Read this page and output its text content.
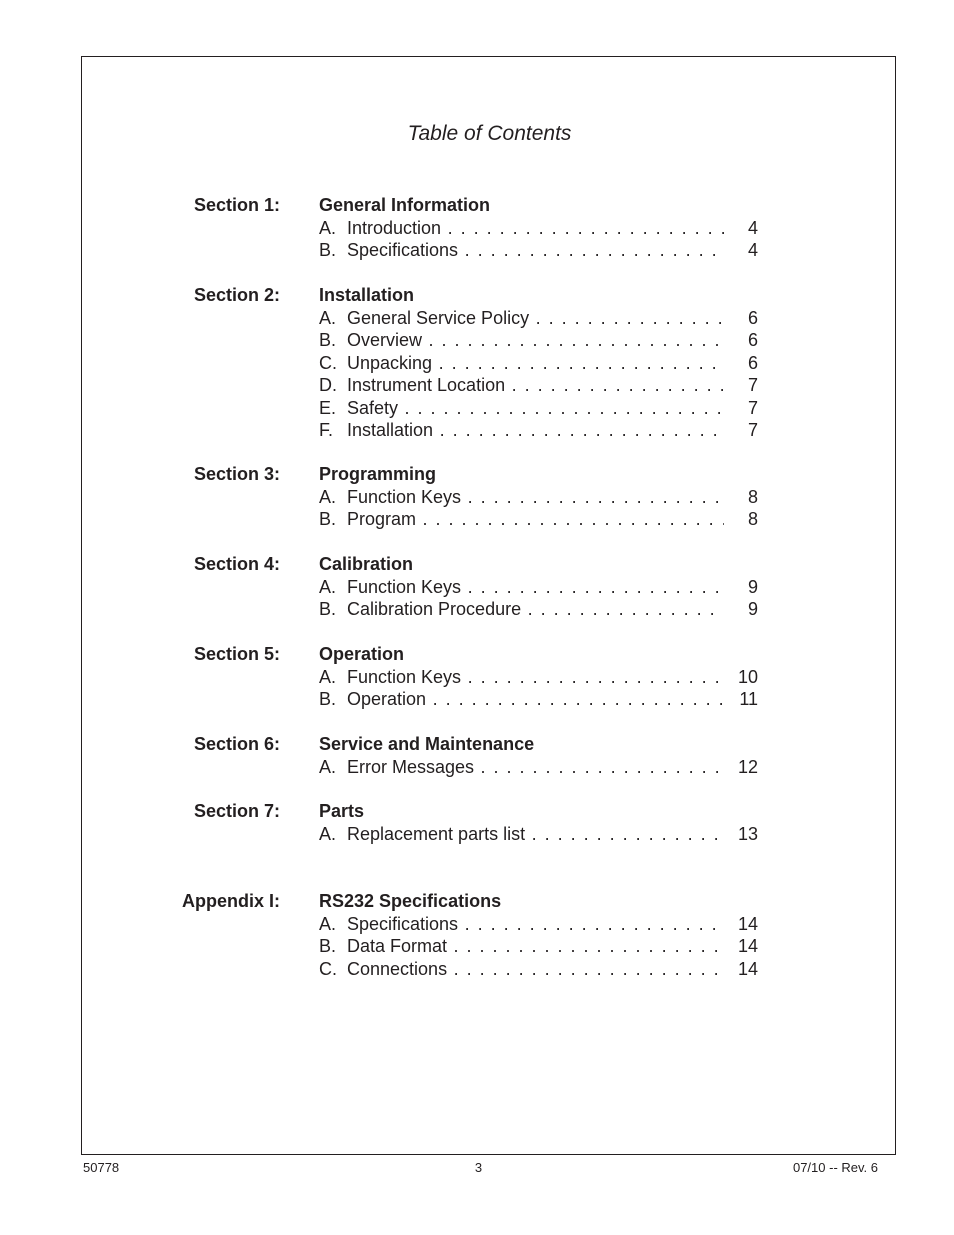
Table of Contents
Section 1: General Information
A. Introduction . . .	4
B. Specifications . . .	4
Section 2: Installation
A. General Service Policy . . .	6
B. Overview . . .	6
C. Unpacking . . .	6
D. Instrument Location . . .	7
E. Safety . . .	7
F. Installation . . .	7
Section 3: Programming
A. Function Keys . . .	8
B. Program . . .	8
Section 4: Calibration
A. Function Keys . . .	9
B. Calibration Procedure . . .	9
Section 5: Operation
A. Function Keys . . .	10
B. Operation . . .	11
Section 6: Service and Maintenance
A. Error Messages . . .	12
Section 7: Parts
A. Replacement parts list . . .	13
Appendix I: RS232 Specifications
A. Specifications . . .	14
B. Data Format . . .	14
C. Connections . . .	14
50778	3	07/10 -- Rev. 6
